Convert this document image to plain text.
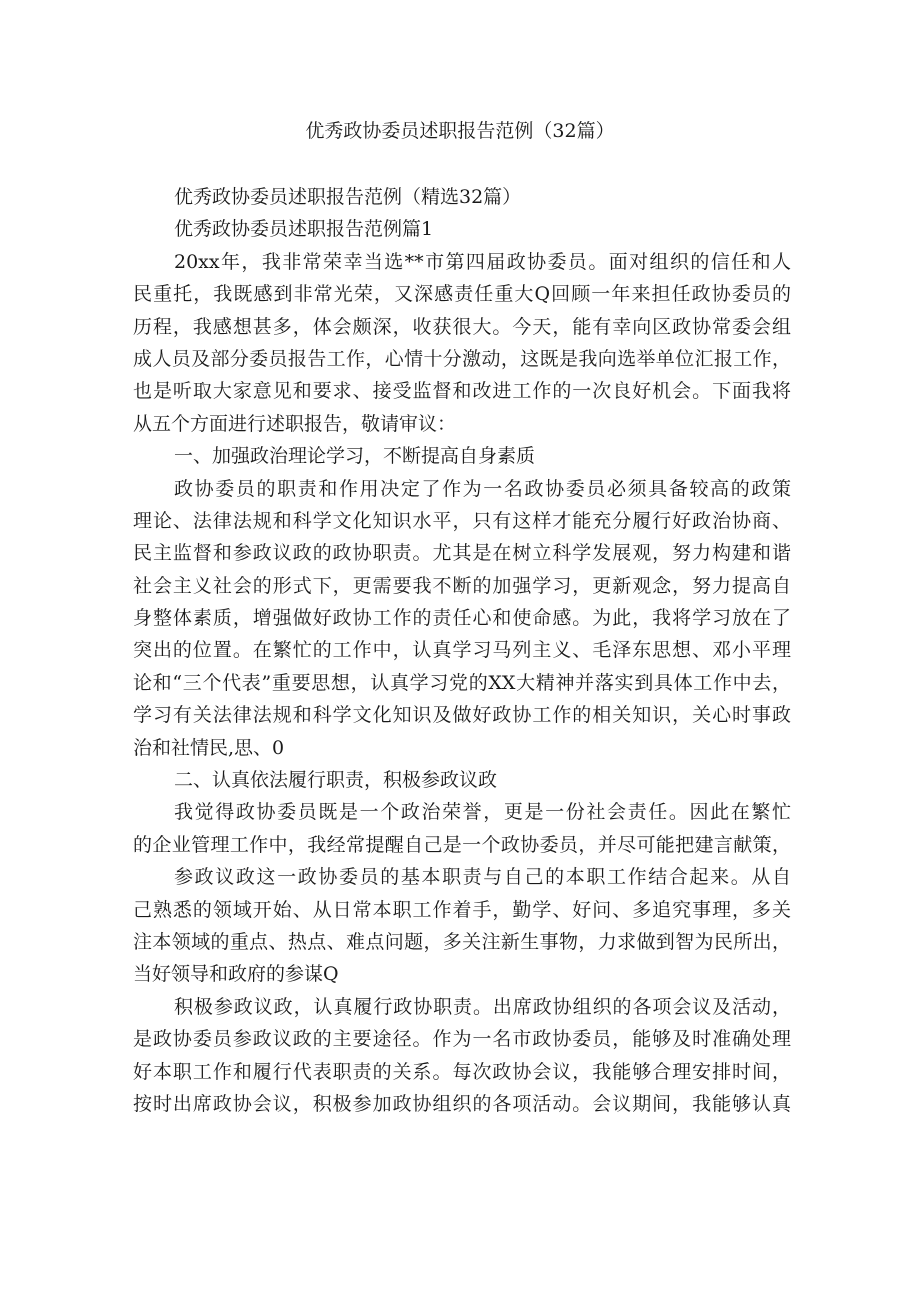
优秀政协委员述职报告范例（32篇）
优秀政协委员述职报告范例（精选32篇）
优秀政协委员述职报告范例篇1
20xx年，我非常荣幸当选**市第四届政协委员。面对组织的信任和人
民重托，我既感到非常光荣，又深感责任重大Q回顾一年来担任政协委员的
历程，我感想甚多，体会颇深，收获很大。今天，能有幸向区政协常委会组
成人员及部分委员报告工作，心情十分激动，这既是我向选举单位汇报工作，
也是听取大家意见和要求、接受监督和改进工作的一次良好机会。下面我将
从五个方面进行述职报告，敬请审议：
一、加强政治理论学习，不断提高自身素质
政协委员的职责和作用决定了作为一名政协委员必须具备较高的政策
理论、法律法规和科学文化知识水平，只有这样才能充分履行好政治协商、
民主监督和参政议政的政协职责。尤其是在树立科学发展观，努力构建和谐
社会主义社会的形式下，更需要我不断的加强学习，更新观念，努力提高自
身整体素质，增强做好政协工作的责任心和使命感。为此，我将学习放在了
突出的位置。在繁忙的工作中，认真学习马列主义、毛泽东思想、邓小平理
论和“三个代表”重要思想，认真学习党的XX大精神并落实到具体工作中去，
学习有关法律法规和科学文化知识及做好政协工作的相关知识，关心时事政
治和社情民,思、0
二、认真依法履行职责，积极参政议政
我觉得政协委员既是一个政治荣誉，更是一份社会责任。因此在繁忙
的企业管理工作中，我经常提醒自己是一个政协委员，并尽可能把建言献策，
参政议政这一政协委员的基本职责与自己的本职工作结合起来。从自
己熟悉的领域开始、从日常本职工作着手，勤学、好问、多追究事理，多关
注本领域的重点、热点、难点问题，多关注新生事物，力求做到智为民所出，
当好领导和政府的参谋Q
积极参政议政，认真履行政协职责。出席政协组织的各项会议及活动，
是政协委员参政议政的主要途径。作为一名市政协委员，能够及时准确处理
好本职工作和履行代表职责的关系。每次政协会议，我能够合理安排时间，
按时出席政协会议，积极参加政协组织的各项活动。会议期间，我能够认真
